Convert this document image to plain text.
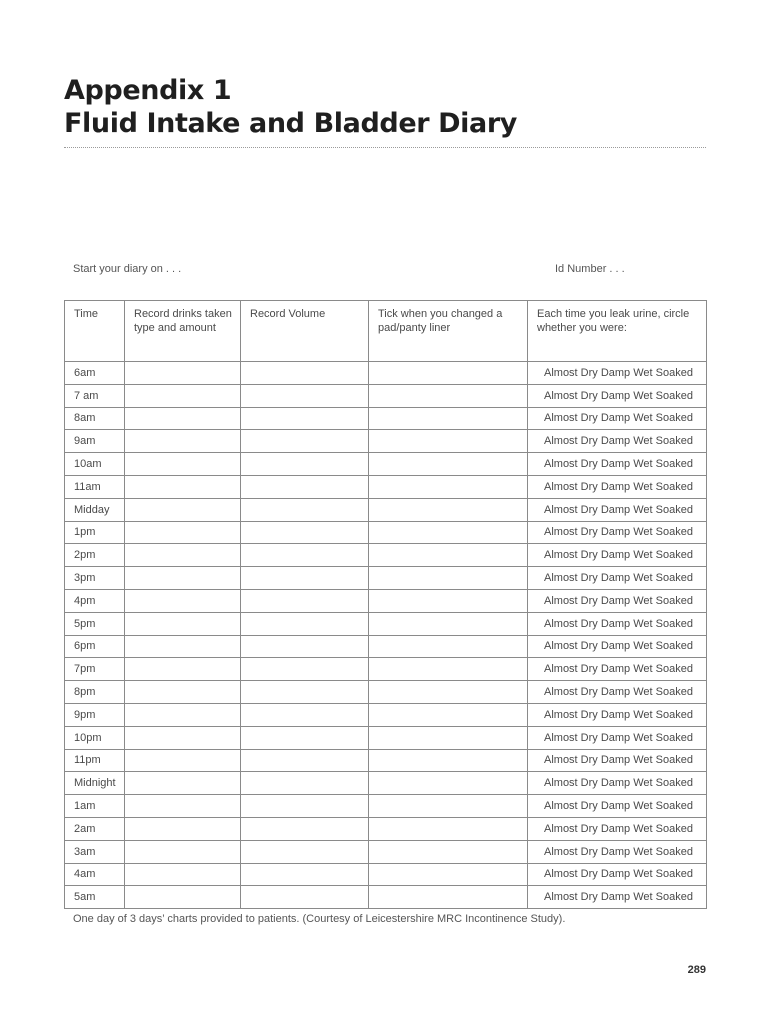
Appendix 1
Fluid Intake and Bladder Diary
Start your diary on . . .	Id Number . . .
Time	Record drinks taken type and amount	Record Volume	Tick when you changed a pad/panty liner	Each time you leak urine, circle whether you were:
6am				Almost Dry Damp Wet Soaked
7 am				Almost Dry Damp Wet Soaked
8am				Almost Dry Damp Wet Soaked
9am				Almost Dry Damp Wet Soaked
10am				Almost Dry Damp Wet Soaked
11am				Almost Dry Damp Wet Soaked
Midday				Almost Dry Damp Wet Soaked
1pm				Almost Dry Damp Wet Soaked
2pm				Almost Dry Damp Wet Soaked
3pm				Almost Dry Damp Wet Soaked
4pm				Almost Dry Damp Wet Soaked
5pm				Almost Dry Damp Wet Soaked
6pm				Almost Dry Damp Wet Soaked
7pm				Almost Dry Damp Wet Soaked
8pm				Almost Dry Damp Wet Soaked
9pm				Almost Dry Damp Wet Soaked
10pm				Almost Dry Damp Wet Soaked
11pm				Almost Dry Damp Wet Soaked
Midnight				Almost Dry Damp Wet Soaked
1am				Almost Dry Damp Wet Soaked
2am				Almost Dry Damp Wet Soaked
3am				Almost Dry Damp Wet Soaked
4am				Almost Dry Damp Wet Soaked
5am				Almost Dry Damp Wet Soaked
One day of 3 days’ charts provided to patients. (Courtesy of Leicestershire MRC Incontinence Study).
289
